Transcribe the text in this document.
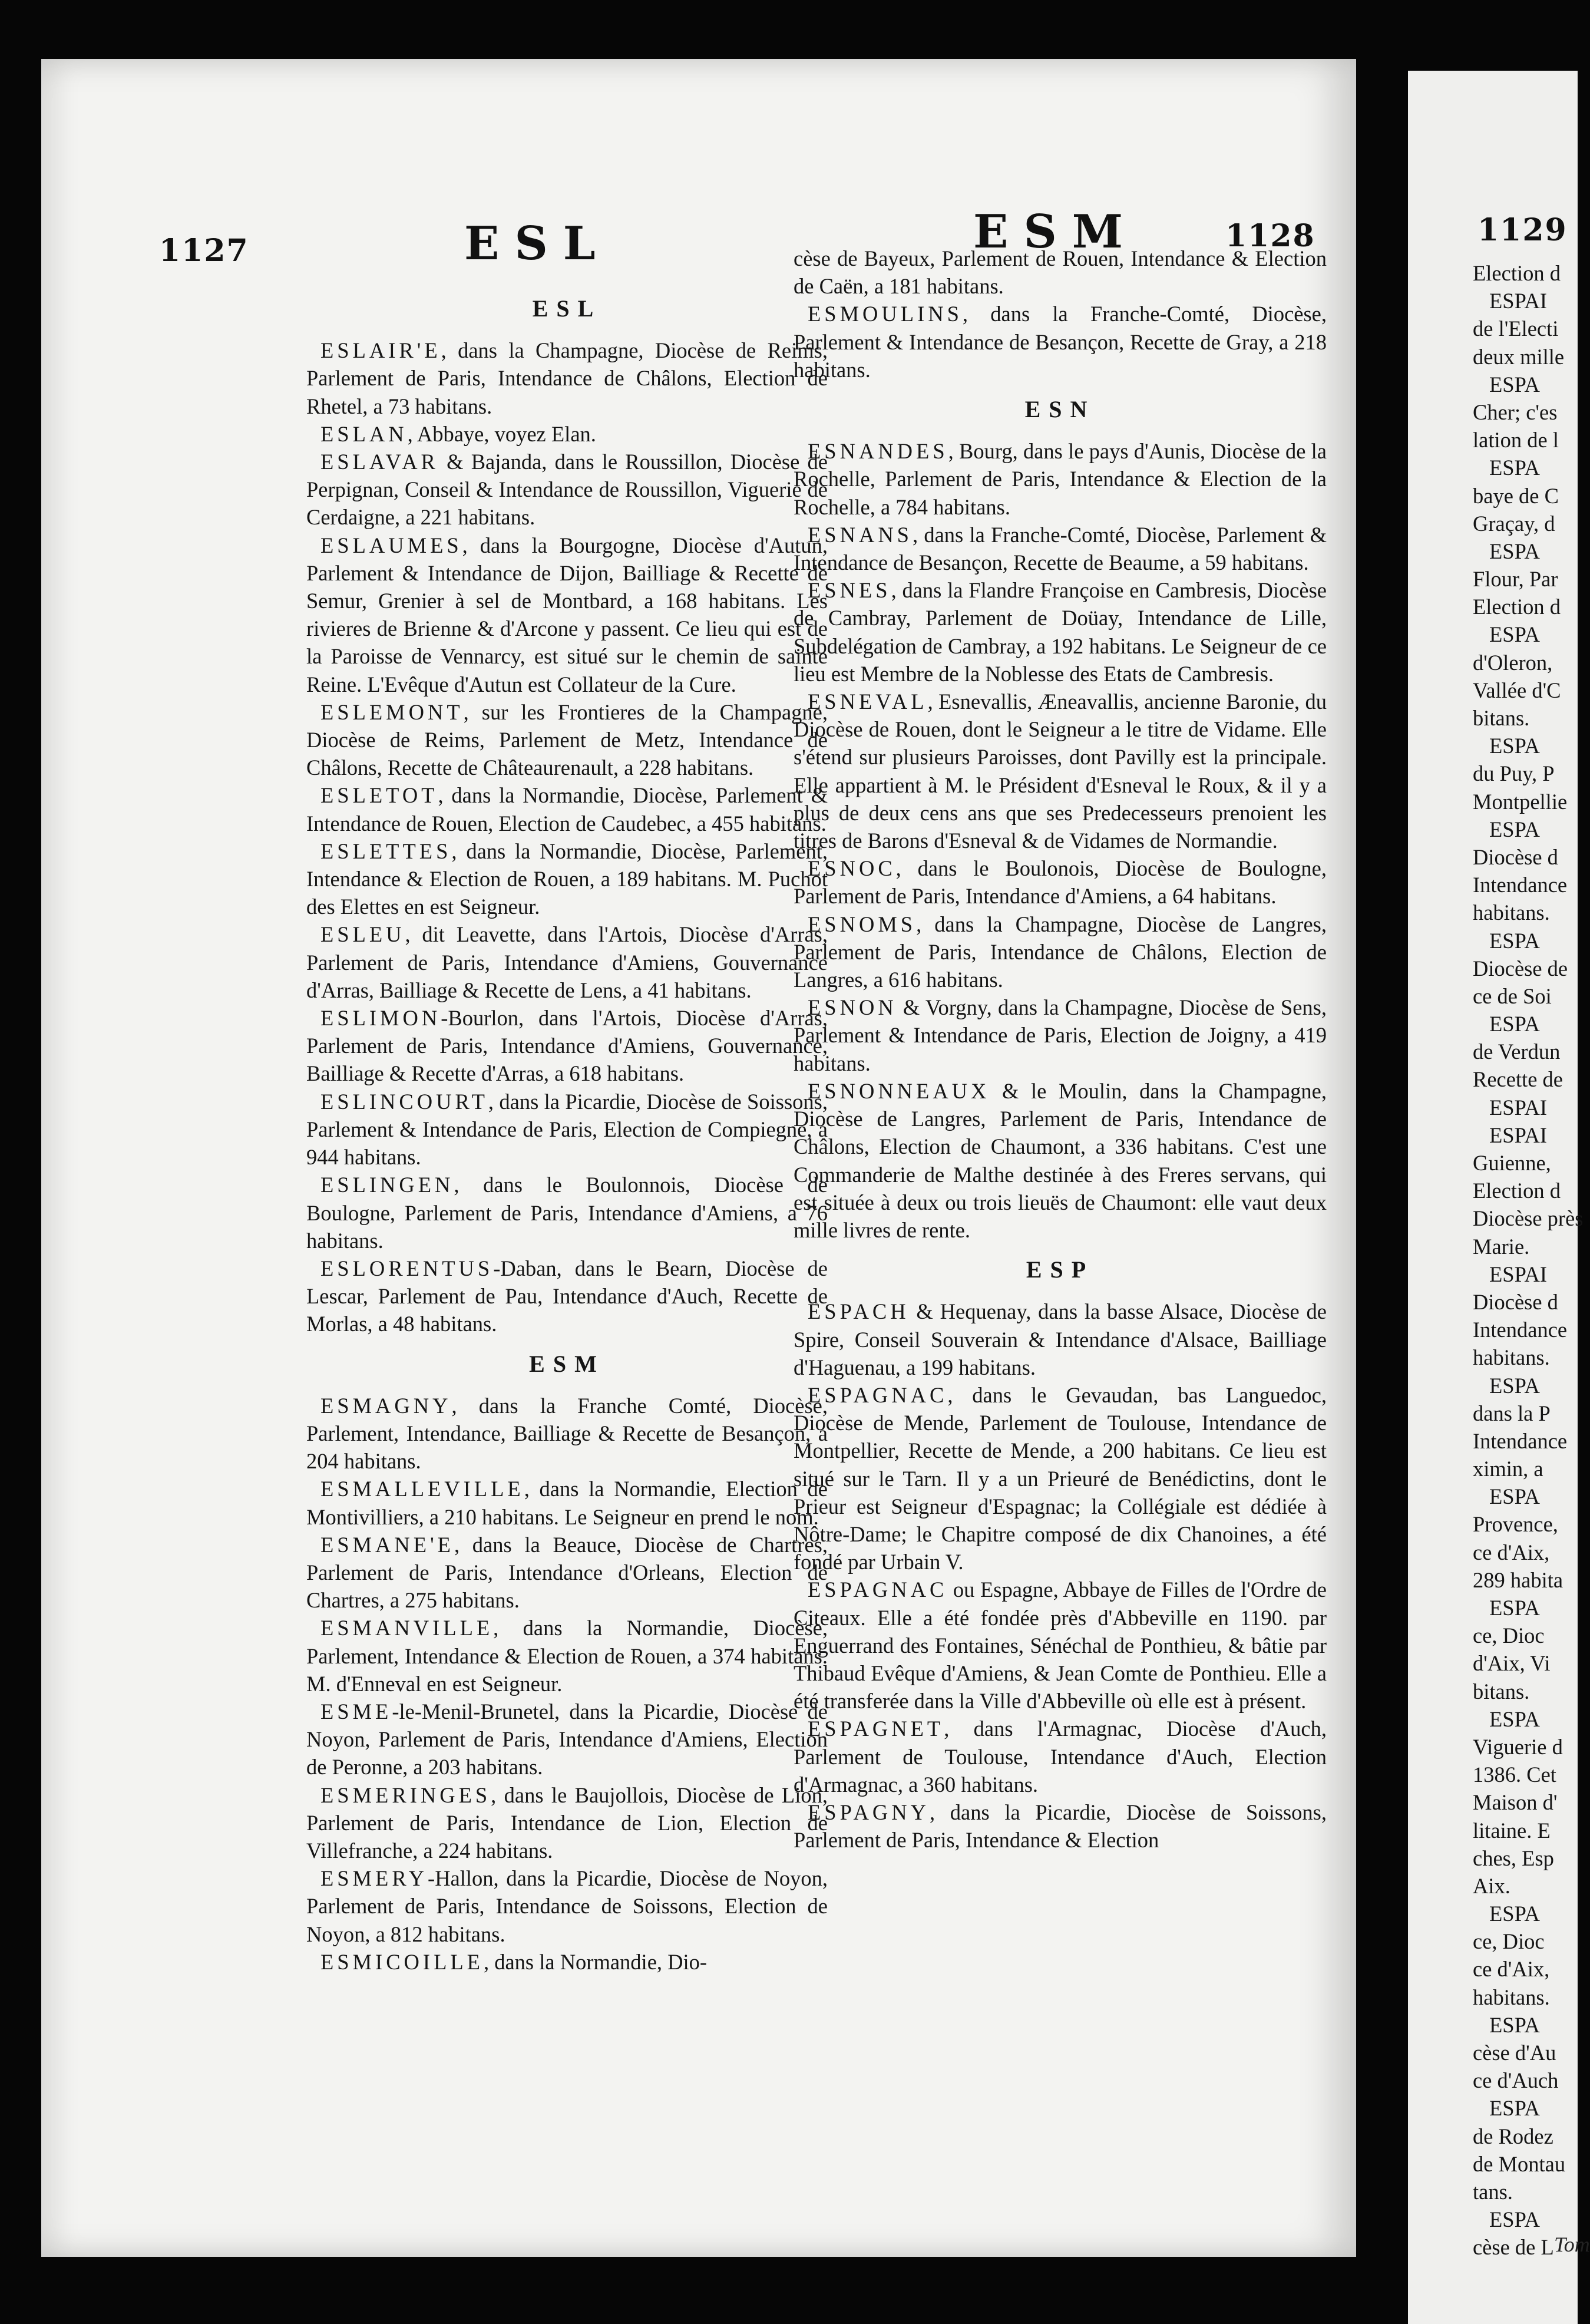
1127	ESL	ESM	1128
ESL

ESLAIR'E, dans la Champagne, Diocèse de Reims, Parlement de Paris, Intendance de Châlons, Election de Rhetel, a 73 habitans.

ESLAN, Abbaye, voyez Elan.

ESLAVAR & Bajanda, dans le Roussillon, Diocèse de Perpignan, Conseil & Intendance de Roussillon, Viguerie de Cerdaigne, a 221 habitans.

ESLAUMES, dans la Bourgogne, Diocèse d'Autun, Parlement & Intendance de Dijon, Bailliage & Recette de Semur, Grenier à sel de Montbard, a 168 habitans. Les rivieres de Brienne & d'Arcone y passent. Ce lieu qui est de la Paroisse de Vennarcy, est situé sur le chemin de sainte Reine. L'Evêque d'Autun est Collateur de la Cure.

ESLEMONT, sur les Frontieres de la Champagne, Diocèse de Reims, Parlement de Metz, Intendance de Châlons, Recette de Châteaurenault, a 228 habitans.

ESLETOT, dans la Normandie, Diocèse, Parlement & Intendance de Rouen, Election de Caudebec, a 455 habitans.

ESLETTES, dans la Normandie, Diocèse, Parlement, Intendance & Election de Rouen, a 189 habitans. M. Puchot des Elettes en est Seigneur.

ESLEU, dit Leavette, dans l'Artois, Diocèse d'Arras, Parlement de Paris, Intendance d'Amiens, Gouvernance d'Arras, Bailliage & Recette de Lens, a 41 habitans.

ESLIMON-Bourlon, dans l'Artois, Diocèse d'Arras, Parlement de Paris, Intendance d'Amiens, Gouvernance, Bailliage & Recette d'Arras, a 618 habitans.

ESLINCOURT, dans la Picardie, Diocèse de Soissons, Parlement & Intendance de Paris, Election de Compiegne, a 944 habitans.

ESLINGEN, dans le Boulonnois, Diocèse de Boulogne, Parlement de Paris, Intendance d'Amiens, a 76 habitans.

ESLORENTUS-Daban, dans le Bearn, Diocèse de Lescar, Parlement de Pau, Intendance d'Auch, Recette de Morlas, a 48 habitans.

ESM

ESMAGNY, dans la Franche Comté, Diocèse, Parlement, Intendance, Bailliage & Recette de Besançon, a 204 habitans.

ESMALLEVILLE, dans la Normandie, Election de Montivilliers, a 210 habitans. Le Seigneur en prend le nom.

ESMANE'E, dans la Beauce, Diocèse de Chartres, Parlement de Paris, Intendance d'Orleans, Election de Chartres, a 275 habitans.

ESMANVILLE, dans la Normandie, Diocèse, Parlement, Intendance & Election de Rouen, a 374 habitans. M. d'Enneval en est Seigneur.

ESME-le-Menil-Brunetel, dans la Picardie, Diocèse de Noyon, Parlement de Paris, Intendance d'Amiens, Election de Peronne, a 203 habitans.

ESMERINGES, dans le Baujollois, Diocèse de Lion, Parlement de Paris, Intendance de Lion, Election de Villefranche, a 224 habitans.

ESMERY-Hallon, dans la Picardie, Diocèse de Noyon, Parlement de Paris, Intendance de Soissons, Election de Noyon, a 812 habitans.

ESMICOILLE, dans la Normandie, Dio-

cèse de Bayeux, Parlement de Rouen, Intendance & Election de Caën, a 181 habitans.

ESMOULINS, dans la Franche-Comté, Diocèse, Parlement & Intendance de Besançon, Recette de Gray, a 218 habitans.

ESN

ESNANDES, Bourg, dans le pays d'Aunis, Diocèse de la Rochelle, Parlement de Paris, Intendance & Election de la Rochelle, a 784 habitans.

ESNANS, dans la Franche-Comté, Diocèse, Parlement & Intendance de Besançon, Recette de Beaume, a 59 habitans.

ESNES, dans la Flandre Françoise en Cambresis, Diocèse de Cambray, Parlement de Doüay, Intendance de Lille, Subdelégation de Cambray, a 192 habitans. Le Seigneur de ce lieu est Membre de la Noblesse des Etats de Cambresis.

ESNEVAL, Esnevallis, Æneavallis, ancienne Baronie, du Diocèse de Rouen, dont le Seigneur a le titre de Vidame. Elle s'étend sur plusieurs Paroisses, dont Pavilly est la principale. Elle appartient à M. le Président d'Esneval le Roux, & il y a plus de deux cens ans que ses Predecesseurs prenoient les titres de Barons d'Esneval & de Vidames de Normandie.

ESNOC, dans le Boulonois, Diocèse de Boulogne, Parlement de Paris, Intendance d'Amiens, a 64 habitans.

ESNOMS, dans la Champagne, Diocèse de Langres, Parlement de Paris, Intendance de Châlons, Election de Langres, a 616 habitans.

ESNON & Vorgny, dans la Champagne, Diocèse de Sens, Parlement & Intendance de Paris, Election de Joigny, a 419 habitans.

ESNONNEAUX & le Moulin, dans la Champagne, Diocèse de Langres, Parlement de Paris, Intendance de Châlons, Election de Chaumont, a 336 habitans. C'est une Commanderie de Malthe destinée à des Freres servans, qui est située à deux ou trois lieuës de Chaumont: elle vaut deux mille livres de rente.

ESP

ESPACH & Hequenay, dans la basse Alsace, Diocèse de Spire, Conseil Souverain & Intendance d'Alsace, Bailliage d'Haguenau, a 199 habitans.

ESPAGNAC, dans le Gevaudan, bas Languedoc, Diocèse de Mende, Parlement de Toulouse, Intendance de Montpellier, Recette de Mende, a 200 habitans. Ce lieu est situé sur le Tarn. Il y a un Prieuré de Benédictins, dont le Prieur est Seigneur d'Espagnac; la Collégiale est dédiée à Nôtre-Dame; le Chapitre composé de dix Chanoines, a été fondé par Urbain V.

ESPAGNAC ou Espagne, Abbaye de Filles de l'Ordre de Citeaux. Elle a été fondée près d'Abbeville en 1190. par Enguerrand des Fontaines, Sénéchal de Ponthieu, & bâtie par Thibaud Evêque d'Amiens, & Jean Comte de Ponthieu. Elle a été transferée dans la Ville d'Abbeville où elle est à présent.

ESPAGNET, dans l'Armagnac, Diocèse d'Auch, Parlement de Toulouse, Intendance d'Auch, Election d'Armagnac, a 360 habitans.

ESPAGNY, dans la Picardie, Diocèse de Soissons, Parlement de Paris, Intendance & Election

1129
Election d
ESPAI
de l'Electi
deux mille
ESPA
Cher; c'es
lation de l
ESPA
baye de C
Graçay, d
ESPA
Flour, Par
Election d
ESPA
d'Oleron,
Vallée d'C
bitans.
ESPA
du Puy, P
Montpellie
ESPA
Diocèse d
Intendance
habitans.
ESPA
Diocèse de
ce de Soi
ESPA
de Verdun
Recette de
ESPAI
ESPAI
Guienne,
Election d
Diocèse près
Marie.
ESPAI
Diocèse d
Intendance
habitans.
ESPA
dans la P
Intendance
ximin, a
ESPA
Provence,
ce d'Aix,
289 habita
ESPA
ce, Dioc
d'Aix, Vi
bitans.
ESPA
Viguerie d
1386. Cet
Maison d'
litaine. E
ches, Esp
Aix.
ESPA
ce, Dioc
ce d'Aix,
habitans.
ESPA
cèse d'Au
ce d'Auch
ESPA
de Rodez
de Montau
tans.
ESPA
cèse de L Tom
